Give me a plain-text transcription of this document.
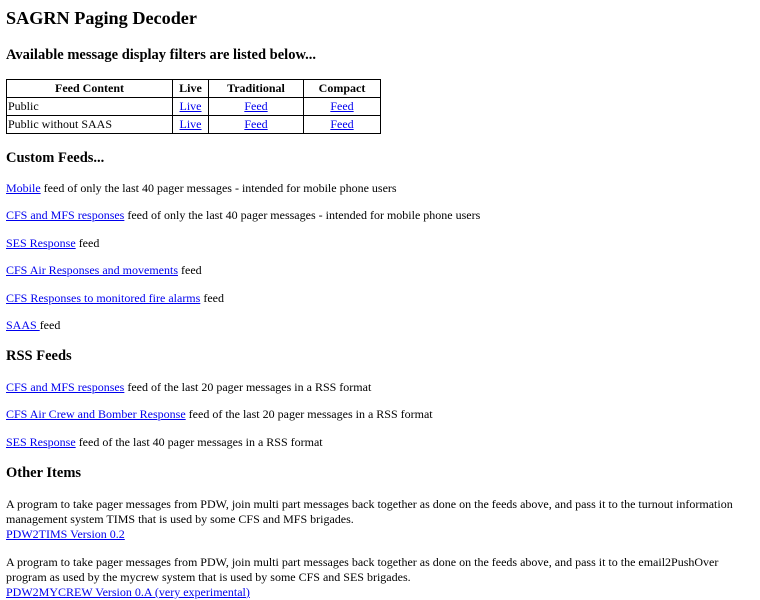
SAGRN Paging Decoder
Available message display filters are listed below...
Feed Content	Live	Traditional	Compact
Public	Live	Feed	Feed
Public without SAAS	Live	Feed	Feed
Custom Feeds...

Mobile feed of only the last 40 pager messages - intended for mobile phone users

CFS and MFS responses feed of only the last 40 pager messages - intended for mobile phone users

SES Response feed

CFS Air Responses and movements feed

CFS Responses to monitored fire alarms feed

SAAS feed

RSS Feeds

CFS and MFS responses feed of the last 20 pager messages in a RSS format

CFS Air Crew and Bomber Response feed of the last 20 pager messages in a RSS format

SES Response feed of the last 40 pager messages in a RSS format

Other Items

A program to take pager messages from PDW, join multi part messages back together as done on the feeds above, and pass it to the turnout information management system TIMS that is used by some CFS and MFS brigades.
PDW2TIMS Version 0.2

A program to take pager messages from PDW, join multi part messages back together as done on the feeds above, and pass it to the email2PushOver program as used by the mycrew system that is used by some CFS and SES brigades.
PDW2MYCREW Version 0.A (very experimental)
